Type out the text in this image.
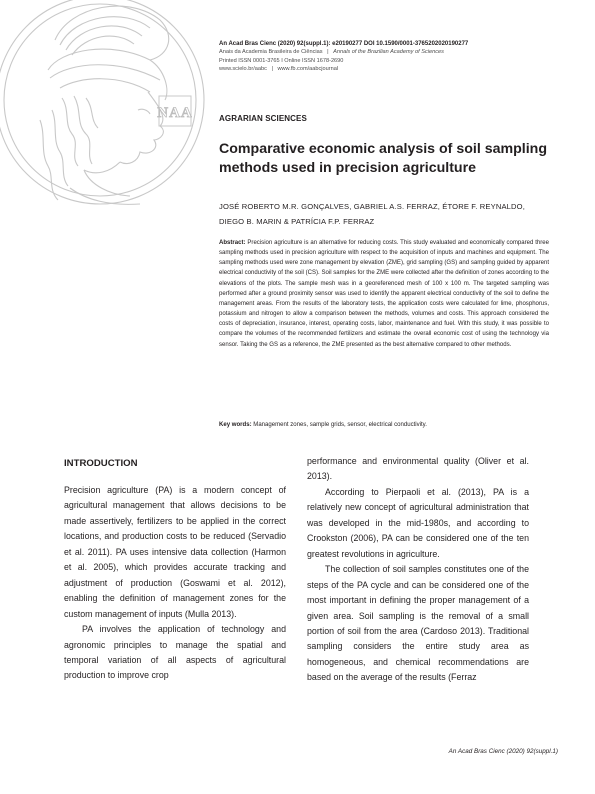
NAA
An Acad Bras Cienc (2020) 92(suppl.1): e20190277 DOI 10.1590/0001-3765202020190277
Anais da Academia Brasileira de Ciências | Annals of the Brazilian Academy of Sciences
Printed ISSN 0001-3765 I Online ISSN 1678-2690
www.scielo.br/aabc | www.fb.com/aabcjournal
AGRARIAN SCIENCES
Comparative economic analysis of soil sampling methods used in precision agriculture
JOSÉ ROBERTO M.R. GONÇALVES, GABRIEL A.S. FERRAZ, ÉTORE F. REYNALDO,
DIEGO B. MARIN & PATRÍCIA F.P. FERRAZ
Abstract: Precision agriculture is an alternative for reducing costs. This study evaluated and economically compared three sampling methods used in precision agriculture with respect to the acquisition of inputs and machines and equipment. The sampling methods used were zone management by elevation (ZME), grid sampling (GS) and sampling guided by apparent electrical conductivity of the soil (CS). Soil samples for the ZME were collected after the definition of zones according to the elevations of the plots. The sample mesh was in a georeferenced mesh of 100 x 100 m. The targeted sampling was performed after a ground proximity sensor was used to identify the apparent electrical conductivity of the soil to define the management areas. From the results of the laboratory tests, the application costs were calculated for lime, phosphorus, potassium and nitrogen to allow a comparison between the methods, volumes and costs. This approach considered the costs of depreciation, insurance, interest, operating costs, labor, maintenance and fuel. With this study, it was possible to compare the volumes of the recommended fertilizers and estimate the overall economic cost of using the technology via sensor. Taking the GS as a reference, the ZME presented as the best alternative compared to other methods.
Key words: Management zones, sample grids, sensor, electrical conductivity.
INTRODUCTION

Precision agriculture (PA) is a modern concept of agricultural management that allows decisions to be made assertively, fertilizers to be applied in the correct locations, and production costs to be reduced (Servadio et al. 2011). PA uses intensive data collection (Harmon et al. 2005), which provides accurate tracking and adjustment of production (Goswami et al. 2012), enabling the definition of management zones for the custom management of inputs (Mulla 2013).

PA involves the application of technology and agronomic principles to manage the spatial and temporal variation of all aspects of agricultural production to improve crop

performance and environmental quality (Oliver et al. 2013).

According to Pierpaoli et al. (2013), PA is a relatively new concept of agricultural administration that was developed in the mid-1980s, and according to Crookston (2006), PA can be considered one of the ten greatest revolutions in agriculture.

The collection of soil samples constitutes one of the steps of the PA cycle and can be considered one of the most important in defining the proper management of a given area. Soil sampling is the removal of a small portion of soil from the area (Cardoso 2013). Traditional sampling considers the entire study area as homogeneous, and chemical recommendations are based on the average of the results (Ferraz

An Acad Bras Cienc (2020) 92(suppl.1)
